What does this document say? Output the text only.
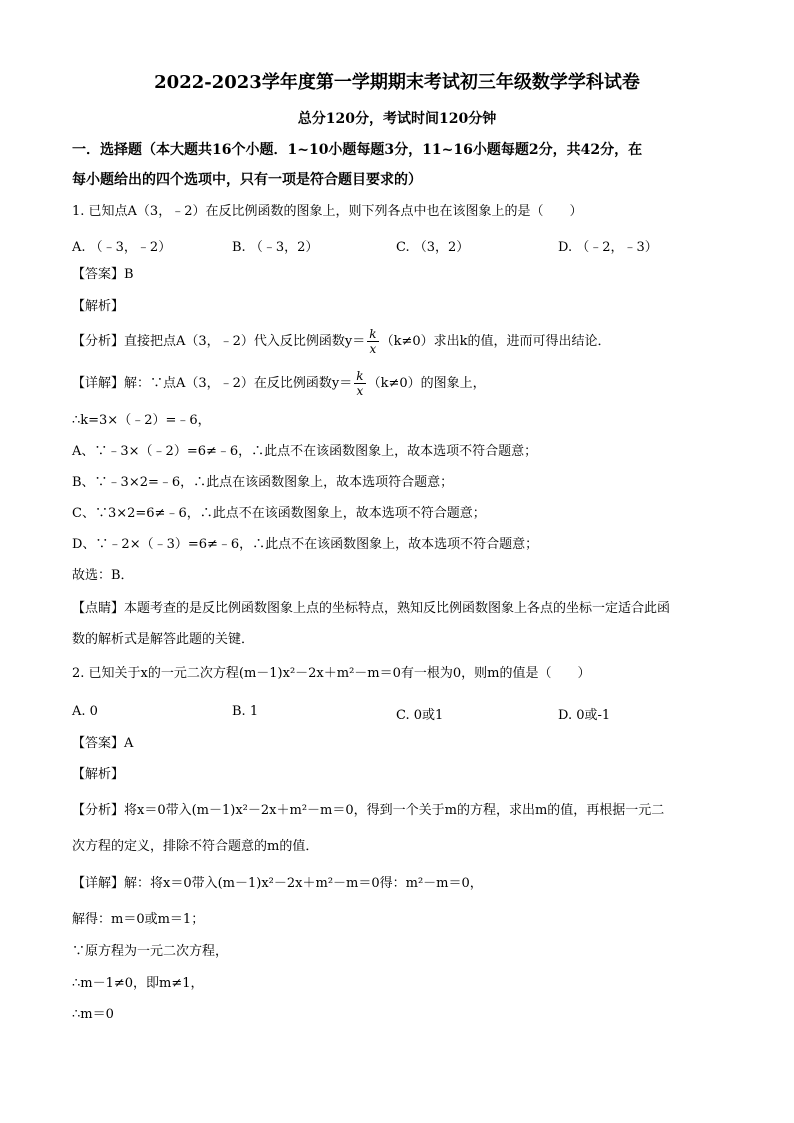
2022-2023学年度第一学期期末考试初三年级数学学科试卷
总分120分，考试时间120分钟
一．选择题（本大题共16个小题．1~10小题每题3分，11~16小题每题2分，共42分，在
每小题给出的四个选项中，只有一项是符合题目要求的）
1. 已知点A（3，﹣2）在反比例函数的图象上，则下列各点中也在该图象上的是（　　）
A. （﹣3，﹣2）	B. （﹣3，2）	C. （3，2）	D. （﹣2，﹣3）
【答案】B
【解析】
【分析】直接把点A（3，﹣2）代入反比例函数$y= \frac{k}{x} (k\ne 0)$求出k的值，进而可得出结论．
【详解】解：∵点A（3，﹣2）在反比例函数$y= \frac{k}{x} (k\ne 0)$的图象上，
∴k=3×（﹣2）=﹣6，
A、∵﹣3×（﹣2）=6≠﹣6，∴此点不在该函数图象上，故本选项不符合题意；
B、∵﹣3×2=﹣6，∴此点在该函数图象上，故本选项符合题意；
C、∵3×2=6≠﹣6，∴此点不在该函数图象上，故本选项不符合题意；
D、∵﹣2×（﹣3）=6≠﹣6，∴此点不在该函数图象上，故本选项不符合题意；
故选：B．
【点睛】本题考查的是反比例函数图象上点的坐标特点，熟知反比例函数图象上各点的坐标一定适合此函
数的解析式是解答此题的关键．
2. 已知关于x的一元二次方程(m－1)x²－2x＋m²－m＝0有一根为0，则m的值是（　　）
A. 0	B. 1	C. 0或1	D. 0或-1
【答案】A
【解析】
【分析】将x＝0带入(m－1)x²－2x＋m²－m＝0，得到一个关于m的方程，求出m的值，再根据一元二
次方程的定义，排除不符合题意的m的值．
【详解】解：将x＝0带入(m－1)x²－2x＋m²－m＝0得：m²－m＝0，
解得：m＝0或m＝1；
∵原方程为一元二次方程，
∴m－1≠0，即m≠1，
∴m＝0
